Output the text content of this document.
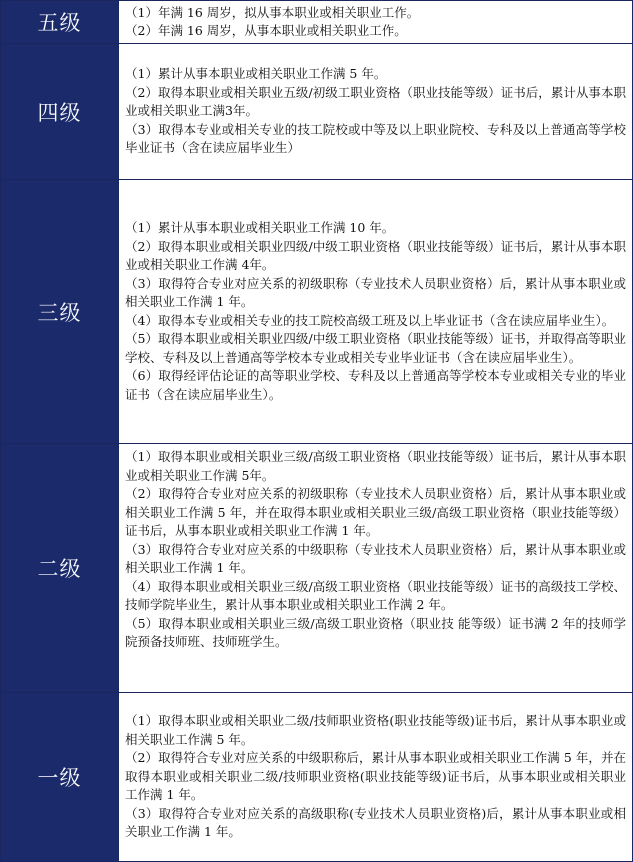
五级	（1）年满 16 周岁，拟从事本职业或相关职业工作。
（2）年满 16 周岁，从事本职业或相关职业工作。
四级
（1）累计从事本职业或相关职业工作满 5 年。
（2）取得本职业或相关职业五级/初级工职业资格（职业技能等级）证书后，累计从事本职业或相关职业工满3年。
（3）取得本专业或相关专业的技工院校或中等及以上职业院校、专科及以上普通高等学校毕业证书（含在读应届毕业生）
三级
（1）累计从事本职业或相关职业工作满 10 年。
（2）取得本职业或相关职业四级/中级工职业资格（职业技能等级）证书后，累计从事本职业或相关职业工作满 4年。
（3）取得符合专业对应关系的初级职称（专业技术人员职业资格）后，累计从事本职业或相关职业工作满 1 年。
（4）取得本专业或相关专业的技工院校高级工班及以上毕业证书（含在读应届毕业生）。
（5）取得本职业或相关职业四级/中级工职业资格（职业技能等级）证书，并取得高等职业学校、专科及以上普通高等学校本专业或相关专业毕业证书（含在读应届毕业生）。
（6）取得经评估论证的高等职业学校、专科及以上普通高等学校本专业或相关专业的毕业证书（含在读应届毕业生）。
二级
（1）取得本职业或相关职业三级/高级工职业资格（职业技能等级）证书后，累计从事本职业或相关职业工作满 5年。
（2）取得符合专业对应关系的初级职称（专业技术人员职业资格）后，累计从事本职业或相关职业工作满 5 年，并在取得本职业或相关职业三级/高级工职业资格（职业技能等级）证书后，从事本职业或相关职业工作满 1 年。
（3）取得符合专业对应关系的中级职称（专业技术人员职业资格）后，累计从事本职业或相关职业工作满 1 年。
（4）取得本职业或相关职业三级/高级工职业资格（职业技能等级）证书的高级技工学校、技师学院毕业生，累计从事本职业或相关职业工作满 2 年。
（5）取得本职业或相关职业三级/高级工职业资格（职业技 能等级）证书满 2 年的技师学院预备技师班、技师班学生。
一级
（1）取得本职业或相关职业二级/技师职业资格(职业技能等级)证书后，累计从事本职业或相关职业工作满 5 年。
（2）取得符合专业对应关系的中级职称后，累计从事本职业或相关职业工作满 5 年，并在取得本职业或相关职业二级/技师职业资格(职业技能等级)证书后，从事本职业或相关职业工作满 1 年。
（3）取得符合专业对应关系的高级职称(专业技术人员职业资格)后，累计从事本职业或相关职业工作满 1 年。
